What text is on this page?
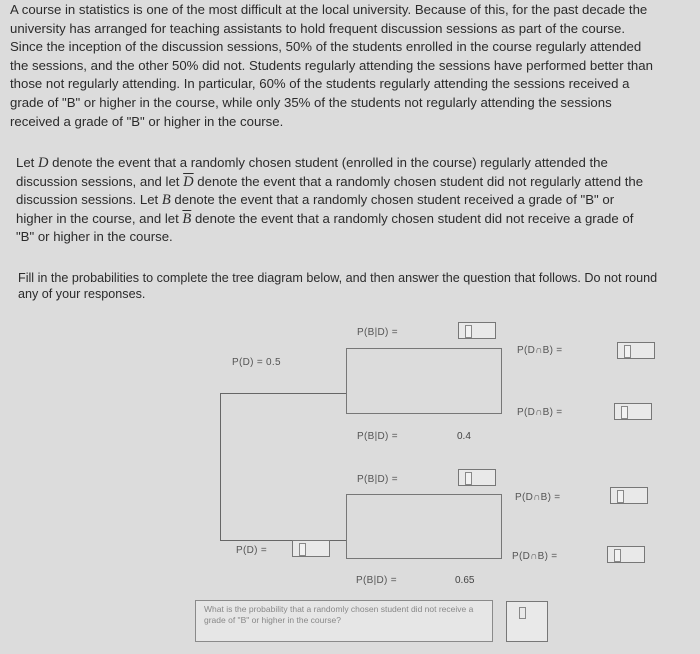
A course in statistics is one of the most difficult at the local university. Because of this, for the past decade the university has arranged for teaching assistants to hold frequent discussion sessions as part of the course. Since the inception of the discussion sessions, 50% of the students enrolled in the course regularly attended the sessions, and the other 50% did not. Students regularly attending the sessions have performed better than those not regularly attending. In particular, 60% of the students regularly attending the sessions received a grade of "B" or higher in the course, while only 35% of the students not regularly attending the sessions received a grade of "B" or higher in the course.
Let D denote the event that a randomly chosen student (enrolled in the course) regularly attended the discussion sessions, and let $\overline{D}$ denote the event that a randomly chosen student did not regularly attend the discussion sessions. Let B denote the event that a randomly chosen student received a grade of "B" or higher in the course, and let $\overline{B}$ denote the event that a randomly chosen student did not receive a grade of "B" or higher in the course.
Fill in the probabilities to complete the tree diagram below, and then answer the question that follows. Do not round any of your responses.
P(D) = 0.5
P(B|D) =
P(D∩B) =
P(D∩B) =
P(B|D) =	0.4
P(B|D) =
P(D∩B) =
P(D) =
P(D∩B) =
P(B|D) =	0.65
What is the probability that a randomly chosen student did not receive a grade of "B" or higher in the course?
